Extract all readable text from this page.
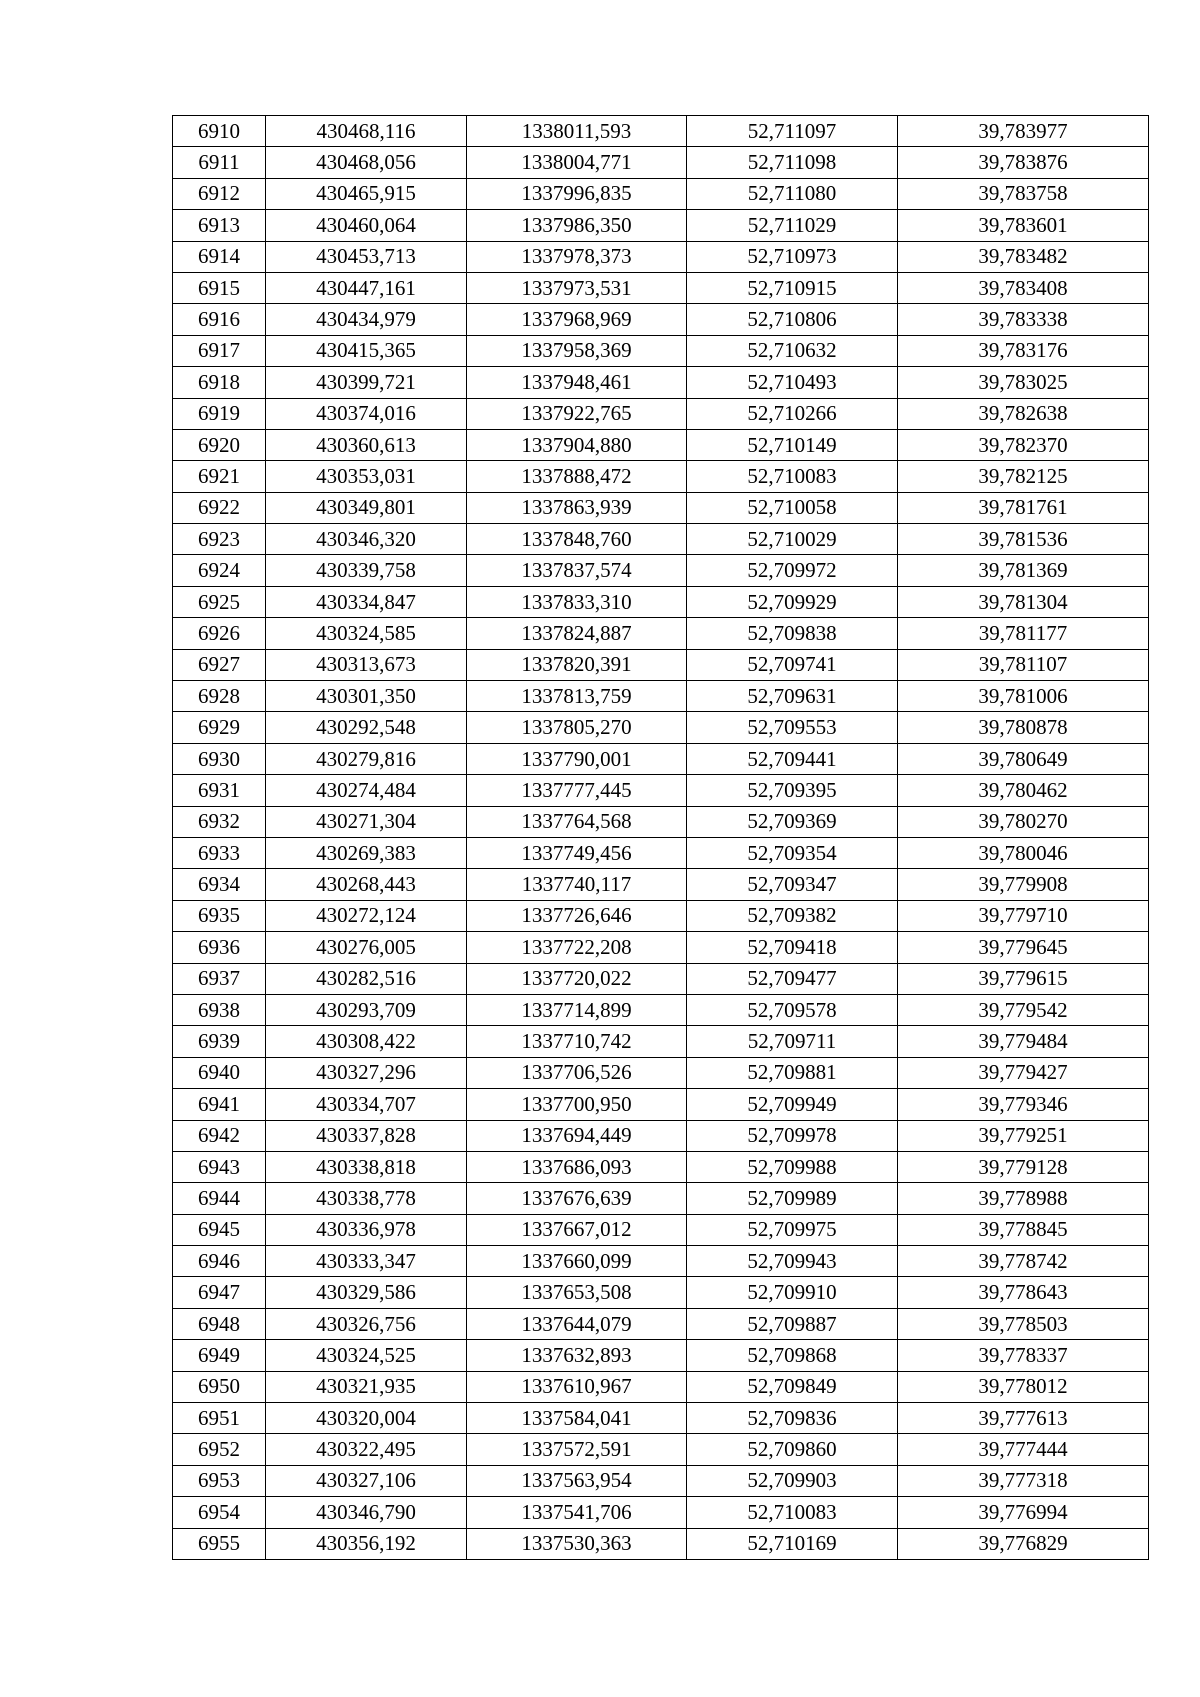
6910	430468,116	1338011,593	52,711097	39,783977
6911	430468,056	1338004,771	52,711098	39,783876
6912	430465,915	1337996,835	52,711080	39,783758
6913	430460,064	1337986,350	52,711029	39,783601
6914	430453,713	1337978,373	52,710973	39,783482
6915	430447,161	1337973,531	52,710915	39,783408
6916	430434,979	1337968,969	52,710806	39,783338
6917	430415,365	1337958,369	52,710632	39,783176
6918	430399,721	1337948,461	52,710493	39,783025
6919	430374,016	1337922,765	52,710266	39,782638
6920	430360,613	1337904,880	52,710149	39,782370
6921	430353,031	1337888,472	52,710083	39,782125
6922	430349,801	1337863,939	52,710058	39,781761
6923	430346,320	1337848,760	52,710029	39,781536
6924	430339,758	1337837,574	52,709972	39,781369
6925	430334,847	1337833,310	52,709929	39,781304
6926	430324,585	1337824,887	52,709838	39,781177
6927	430313,673	1337820,391	52,709741	39,781107
6928	430301,350	1337813,759	52,709631	39,781006
6929	430292,548	1337805,270	52,709553	39,780878
6930	430279,816	1337790,001	52,709441	39,780649
6931	430274,484	1337777,445	52,709395	39,780462
6932	430271,304	1337764,568	52,709369	39,780270
6933	430269,383	1337749,456	52,709354	39,780046
6934	430268,443	1337740,117	52,709347	39,779908
6935	430272,124	1337726,646	52,709382	39,779710
6936	430276,005	1337722,208	52,709418	39,779645
6937	430282,516	1337720,022	52,709477	39,779615
6938	430293,709	1337714,899	52,709578	39,779542
6939	430308,422	1337710,742	52,709711	39,779484
6940	430327,296	1337706,526	52,709881	39,779427
6941	430334,707	1337700,950	52,709949	39,779346
6942	430337,828	1337694,449	52,709978	39,779251
6943	430338,818	1337686,093	52,709988	39,779128
6944	430338,778	1337676,639	52,709989	39,778988
6945	430336,978	1337667,012	52,709975	39,778845
6946	430333,347	1337660,099	52,709943	39,778742
6947	430329,586	1337653,508	52,709910	39,778643
6948	430326,756	1337644,079	52,709887	39,778503
6949	430324,525	1337632,893	52,709868	39,778337
6950	430321,935	1337610,967	52,709849	39,778012
6951	430320,004	1337584,041	52,709836	39,777613
6952	430322,495	1337572,591	52,709860	39,777444
6953	430327,106	1337563,954	52,709903	39,777318
6954	430346,790	1337541,706	52,710083	39,776994
6955	430356,192	1337530,363	52,710169	39,776829
